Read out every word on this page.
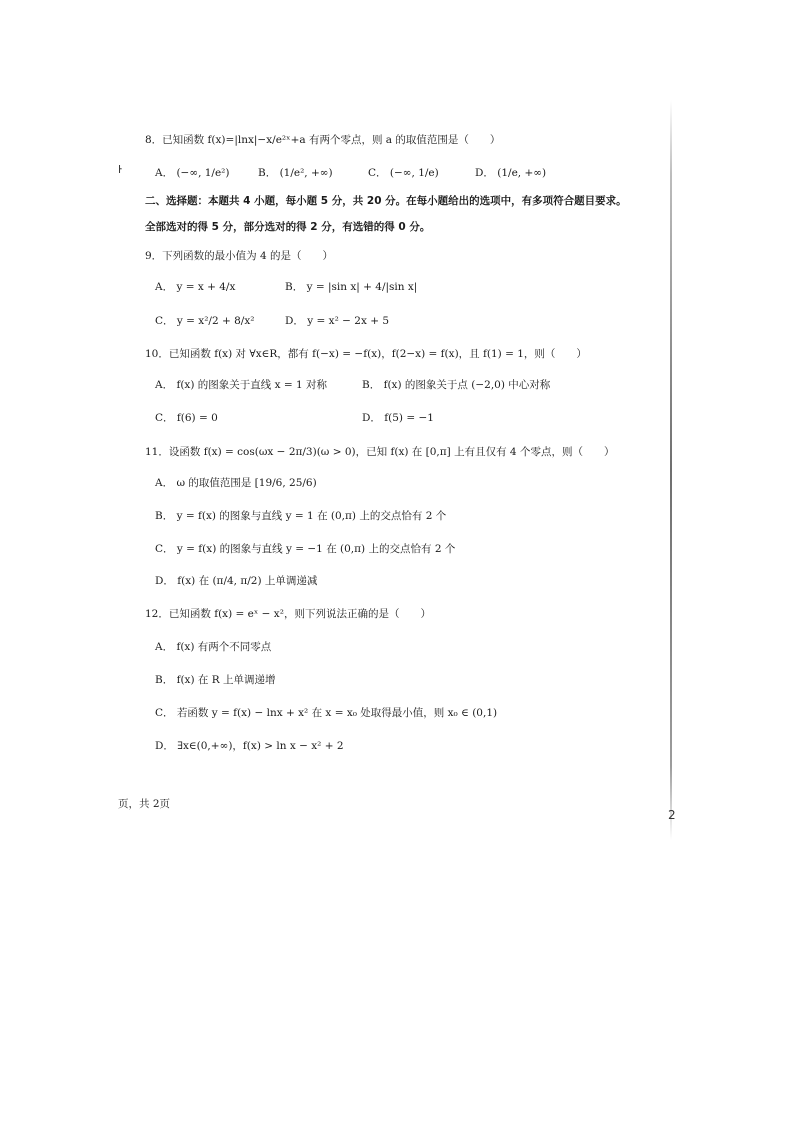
ŀ
2
8．已知函数 f(x)=|lnx|−x/e²ˣ+a 有两个零点，则 a 的取值范围是（　　）
A． (−∞, 1/e²)	B． (1/e², +∞)	C． (−∞, 1/e)	D． (1/e, +∞)
二、选择题：本题共 4 小题，每小题 5 分，共 20 分。在每小题给出的选项中，有多项符合题目要求。
全部选对的得 5 分，部分选对的得 2 分，有选错的得 0 分。
9．下列函数的最小值为 4 的是（　　）
A． y = x + 4/x	B． y = |sin x| + 4/|sin x|
C． y = x²/2 + 8/x²	D． y = x² − 2x + 5
10．已知函数 f(x) 对 ∀x∈R，都有 f(−x) = −f(x)，f(2−x) = f(x)，且 f(1) = 1，则（　　）
A． f(x) 的图象关于直线 x = 1 对称	B． f(x) 的图象关于点 (−2,0) 中心对称
C． f(6) = 0	D． f(5) = −1
11．设函数 f(x) = cos(ωx − 2π/3)(ω > 0)，已知 f(x) 在 [0,π] 上有且仅有 4 个零点，则（　　）
A． ω 的取值范围是 [19/6, 25/6)
B． y = f(x) 的图象与直线 y = 1 在 (0,π) 上的交点恰有 2 个
C． y = f(x) 的图象与直线 y = −1 在 (0,π) 上的交点恰有 2 个
D． f(x) 在 (π/4, π/2) 上单调递减
12．已知函数 f(x) = eˣ − x²，则下列说法正确的是（　　）
A． f(x) 有两个不同零点
B． f(x) 在 R 上单调递增
C． 若函数 y = f(x) − lnx + x² 在 x = x₀ 处取得最小值，则 x₀ ∈ (0,1)
D． ∃x∈(0,+∞)，f(x) > ln x − x² + 2
页，共 2页
